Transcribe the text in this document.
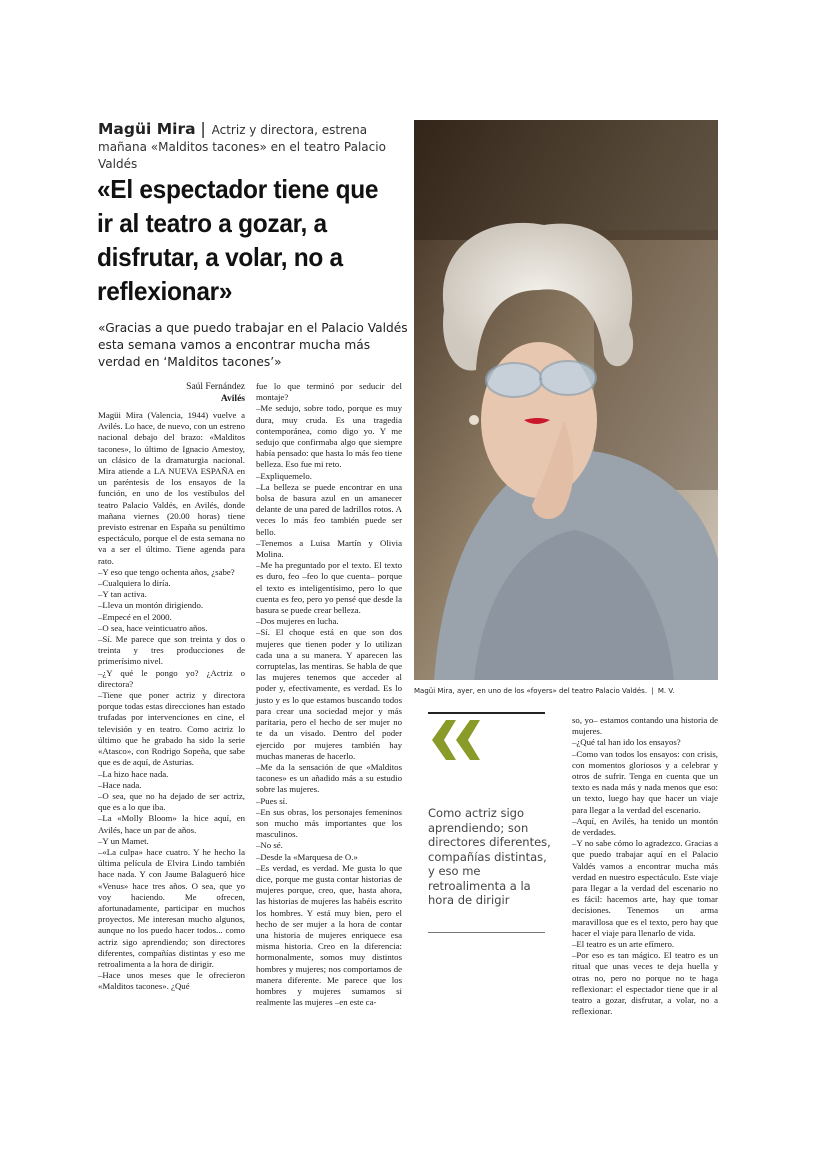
Magüi Mira | Actriz y directora, estrena mañana «Malditos tacones» en el teatro Palacio Valdés
«El espectador tiene que ir al teatro a gozar, a disfrutar, a volar, no a reflexionar»
«Gracias a que puedo trabajar en el Palacio Valdés esta semana vamos a encontrar mucha más verdad en ‘Malditos tacones’»
Saúl Fernández
Avilés
Magüi Mira (Valencia, 1944) vuelve a Avilés. Lo hace, de nuevo, con un estreno nacional debajo del brazo: «Malditos tacones», lo último de Ignacio Amestoy, un clásico de la dramaturgia nacional. Mira atiende a LA NUEVA ESPAÑA en un paréntesis de los ensayos de la función, en uno de los vestíbulos del teatro Palacio Valdés, en Avilés, donde mañana viernes (20.00 horas) tiene previsto estrenar en España su penúltimo espectáculo, porque el de esta semana no va a ser el último. Tiene agenda para rato.
–Y eso que tengo ochenta años, ¿sabe?
–Cualquiera lo diría.
–Y tan activa.
–Lleva un montón dirigiendo.
–Empecé en el 2000.
–O sea, hace veinticuatro años.
–Sí. Me parece que son treinta y dos o treinta y tres producciones de primerísimo nivel.
–¿Y qué le pongo yo? ¿Actriz o directora?
–Tiene que poner actriz y directora porque todas estas direcciones han estado trufadas por intervenciones en cine, el televisión y en teatro. Como actriz lo último que he grabado ha sido la serie «Atasco», con Rodrigo Sopeña, que sabe que es de aquí, de Asturias.
–La hizo hace nada.
–Hace nada.
–O sea, que no ha dejado de ser actriz, que es a lo que iba.
–La «Molly Bloom» la hice aquí, en Avilés, hace un par de años.
–Y un Mamet.
–«La culpa» hace cuatro. Y he hecho la última película de Elvira Lindo también hace nada. Y con Jaume Balagueró hice «Venus» hace tres años. O sea, que yo voy haciendo. Me ofrecen, afortunadamente, participar en muchos proyectos. Me interesan mucho algunos, aunque no los puedo hacer todos... como actriz sigo aprendiendo; son directores diferentes, compañías distintas y eso me retroalimenta a la hora de dirigir.
–Hace unos meses que le ofrecieron «Malditos tacones». ¿Qué
fue lo que terminó por seducir del montaje?
–Me sedujo, sobre todo, porque es muy dura, muy cruda. Es una tragedia contemporánea, como digo yo. Y me sedujo que confirmaba algo que siempre había pensado: que hasta lo más feo tiene belleza. Eso fue mi reto.
–Expliquemelo.
–La belleza se puede encontrar en una bolsa de basura azul en un amanecer delante de una pared de ladrillos rotos. A veces lo más feo también puede ser bello.
–Tenemos a Luisa Martín y Olivia Molina.
–Me ha preguntado por el texto. El texto es duro, feo –feo lo que cuenta– porque el texto es inteligentísimo, pero lo que cuenta es feo, pero yo pensé que desde la basura se puede crear belleza.
–Dos mujeres en lucha.
–Sí. El choque está en que son dos mujeres que tienen poder y lo utilizan cada una a su manera. Y aparecen las corruptelas, las mentiras. Se habla de que las mujeres tenemos que acceder al poder y, efectivamente, es verdad. Es lo justo y es lo que estamos buscando todos para crear una sociedad mejor y más paritaria, pero el hecho de ser mujer no te da un visado. Dentro del poder ejercido por mujeres también hay muchas maneras de hacerlo.
–Me da la sensación de que «Malditos tacones» es un añadido más a su estudio sobre las mujeres.
–Pues sí.
–En sus obras, los personajes femeninos son mucho más importantes que los masculinos.
–No sé.
–Desde la «Marquesa de O.»
–Es verdad, es verdad. Me gusta lo que dice, porque me gusta contar historias de mujeres porque, creo, que, hasta ahora, las historias de mujeres las habéis escrito los hombres. Y está muy bien, pero el hecho de ser mujer a la hora de contar una historia de mujeres enriquece esa misma historia. Creo en la diferencia: hormonalmente, somos muy distintos hombres y mujeres; nos comportamos de manera diferente. Me parece que los hombres y mujeres sumamos si realmente las mujeres –en este ca-
so, yo– estamos contando una historia de mujeres.
–¿Qué tal han ido los ensayos?
–Como van todos los ensayos: con crisis, con momentos gloriosos y a celebrar y otros de sufrir. Tenga en cuenta que un texto es nada más y nada menos que eso: un texto, luego hay que hacer un viaje para llegar a la verdad del escenario.
–Aquí, en Avilés, ha tenido un montón de verdades.
–Y no sabe cómo lo agradezco. Gracias a que puedo trabajar aquí en el Palacio Valdés vamos a encontrar mucha más verdad en nuestro espectáculo. Este viaje para llegar a la verdad del escenario no es fácil: hacemos arte, hay que tomar decisiones. Tenemos un arma maravillosa que es el texto, pero hay que hacer el viaje para llenarlo de vida.
–El teatro es un arte efímero.
–Por eso es tan mágico. El teatro es un ritual que unas veces te deja huella y otras no, pero no porque no te haga reflexionar: el espectador tiene que ir al teatro a gozar, disfrutar, a volar, no a reflexionar.
Magüi Mira, ayer, en uno de los «foyers» del teatro Palacio Valdés. | M. V.
Como actriz sigo aprendiendo; son directores diferentes, compañías distintas, y eso me retroalimenta a la hora de dirigir
